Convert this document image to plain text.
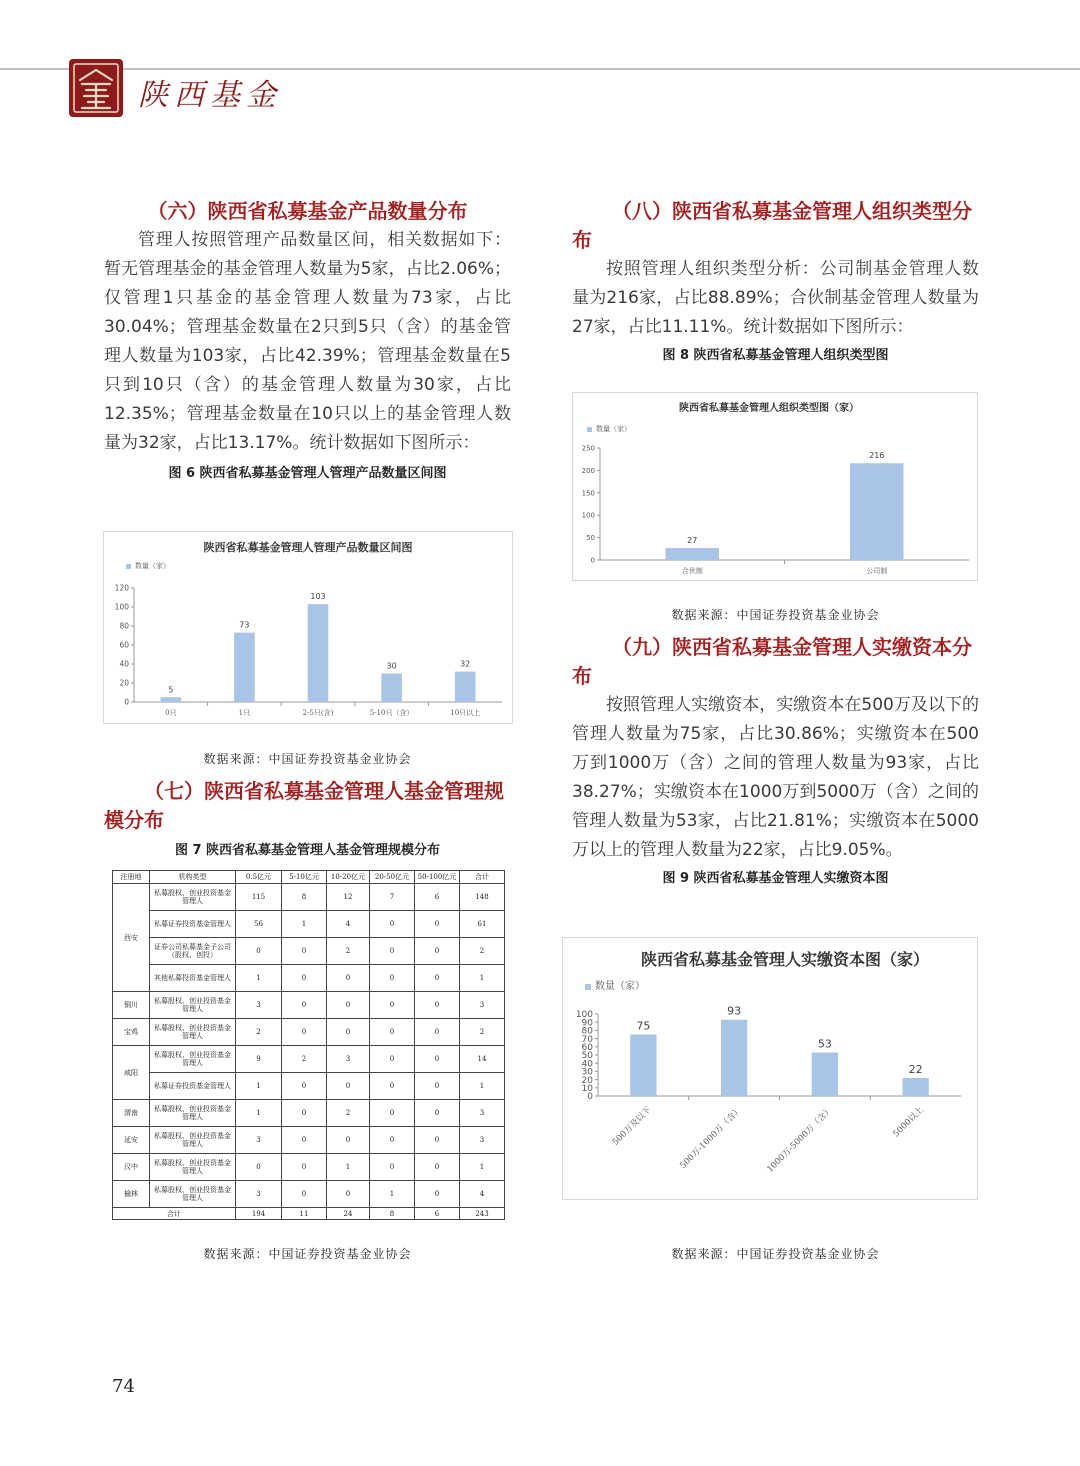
陕西基金

（六）陕西省私募基金产品数量分布

管理人按照管理产品数量区间，相关数据如下：暂无管理基金的基金管理人数量为5家，占比2.06%；仅管理1只基金的基金管理人数量为73家，占比30.04%；管理基金数量在2只到5只（含）的基金管理人数量为103家，占比42.39%；管理基金数量在5只到10只（含）的基金管理人数量为30家，占比12.35%；管理基金数量在10只以上的基金管理人数量为32家，占比13.17%。统计数据如下图所示：

图 6 陕西省私募基金管理人管理产品数量区间图

陕西省私募基金管理人管理产品数量区间图
数量（家）
0
20
40
60
80
100
120
5
0只
73
1只
103
2-5只(含)
30
5-10只（含）
32
10只以上
数据来源：中国证券投资基金业协会

（七）陕西省私募基金管理人基金管理规模分布

图 7 陕西省私募基金管理人基金管理规模分布

注册地	机构类型	0.5亿元	5-10亿元	10-20亿元	20-50亿元	50-100亿元	合计
西安	私募股权、创业投资基金管理人	115	8	12	7	6	148
	私募证券投资基金管理人	56	1	4	0	0	61
	证券公司私募基金子公司（股权、创投）	0	0	2	0	0	2
	其他私募投资基金管理人	1	0	0	0	0	1
铜川	私募股权、创业投资基金管理人	3	0	0	0	0	3
宝鸡	私募股权、创业投资基金管理人	2	0	0	0	0	2
咸阳	私募股权、创业投资基金管理人	9	2	3	0	0	14
	私募证券投资基金管理人	1	0	0	0	0	1
渭南	私募股权、创业投资基金管理人	1	0	2	0	0	3
延安	私募股权、创业投资基金管理人	3	0	0	0	0	3
汉中	私募股权、创业投资基金管理人	0	0	1	0	0	1
榆林	私募股权、创业投资基金管理人	3	0	0	1	0	4
合计		194	11	24	8	6	243
数据来源：中国证券投资基金业协会

（八）陕西省私募基金管理人组织类型分布

按照管理人组织类型分析：公司制基金管理人数量为216家，占比88.89%；合伙制基金管理人数量为27家，占比11.11%。统计数据如下图所示：

图 8 陕西省私募基金管理人组织类型图

陕西省私募基金管理人组织类型图（家）
数量（家）
0
50
100
150
200
250
27
合伙制
216
公司制
数据来源：中国证券投资基金业协会

（九）陕西省私募基金管理人实缴资本分布

按照管理人实缴资本，实缴资本在500万及以下的管理人数量为75家，占比30.86%；实缴资本在500万到1000万（含）之间的管理人数量为93家，占比38.27%；实缴资本在1000万到5000万（含）之间的管理人数量为53家，占比21.81%；实缴资本在5000万以上的管理人数量为22家，占比9.05%。

图 9 陕西省私募基金管理人实缴资本图

陕西省私募基金管理人实缴资本图（家）
数量（家）
0
10
20
30
40
50
60
70
80
90
100
75
500万及以下
93
500万-1000万（含）
53
1000万-5000万（含）
22
5000以上
数据来源：中国证券投资基金业协会
74
